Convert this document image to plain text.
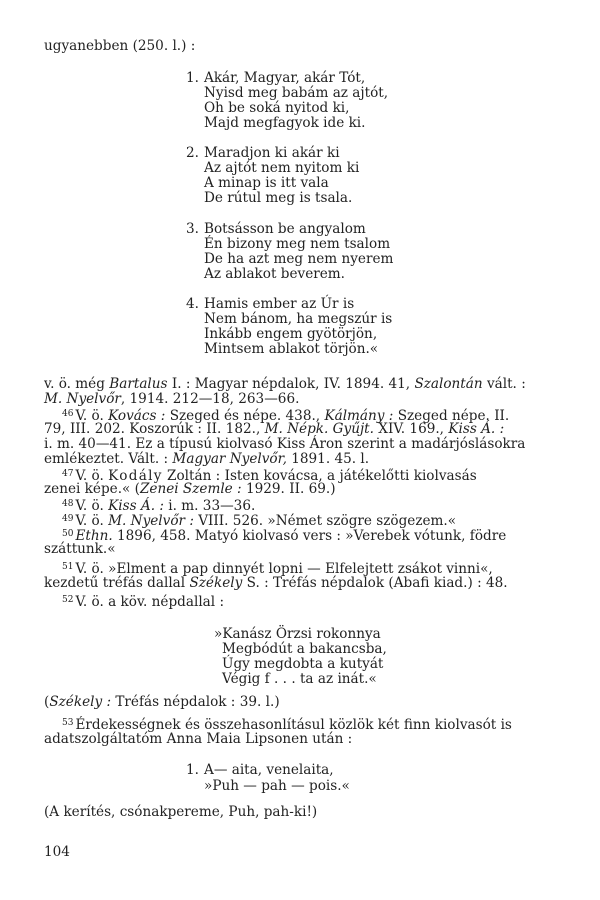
ugyanebben (250. l.) :
1. Akár, Magyar, akár Tót,
Nyisd meg babám az ajtót,
Oh be soká nyitod ki,
Majd megfagyok ide ki.
2. Maradjon ki akár ki
Az ajtót nem nyitom ki
A minap is itt vala
De rútul meg is tsala.
3. Botsásson be angyalom
Én bizony meg nem tsalom
De ha azt meg nem nyerem
Az ablakot beverem.
4. Hamis ember az Úr is
Nem bánom, ha megszúr is
Inkább engem gyötörjön,
Mintsem ablakot törjön.«
v. ö. még Bartalus I. : Magyar népdalok, IV. 1894. 41, Szalontán vált. :
M. Nyelvőr, 1914. 212—18, 263—66.
$^{46}$ V. ö. Kovács : Szeged és népe. 438., Kálmány : Szeged népe. II.
79, III. 202. Koszorúk : II. 182., M. Népk. Gyűjt. XIV. 169., Kiss Á. :
i. m. 40—41. Ez a típusú kiolvasó Kiss Áron szerint a madárjóslásokra
emlékeztet. Vált. : Magyar Nyelvőr, 1891. 45. l.
$^{47}$ V. ö. Kodály Zoltán : Isten kovácsa, a játékelőtti kiolvasás
zenei képe.« (Zenei Szemle : 1929. II. 69.)
$^{48}$ V. ö. Kiss Á. : i. m. 33—36.
$^{49}$ V. ö. M. Nyelvőr : VIII. 526. »Német szögre szögezem.«
$^{50}$ Ethn. 1896, 458. Matyó kiolvasó vers : »Verebek vótunk, födre
száttunk.«
$^{51}$ V. ö. »Elment a pap dinnyét lopni — Elfelejtett zsákot vinni«,
kezdetű tréfás dallal Székely S. : Tréfás népdalok (Abafi kiad.) : 48.
$^{52}$ V. ö. a köv. népdallal :
»Kanász Örzsi rokonnya
Megbódút a bakancsba,
Úgy megdobta a kutyát
Végig f . . . ta az inát.«
(Székely : Tréfás népdalok : 39. l.)
$^{53}$ Érdekességnek és összehasonlításul közlök két finn kiolvasót is
adatszolgáltatóm Anna Maia Lipsonen után :
1. A— aita, venelaita,
»Puh — pah — pois.«
(A kerítés, csónakpereme, Puh, pah-ki!)
104
